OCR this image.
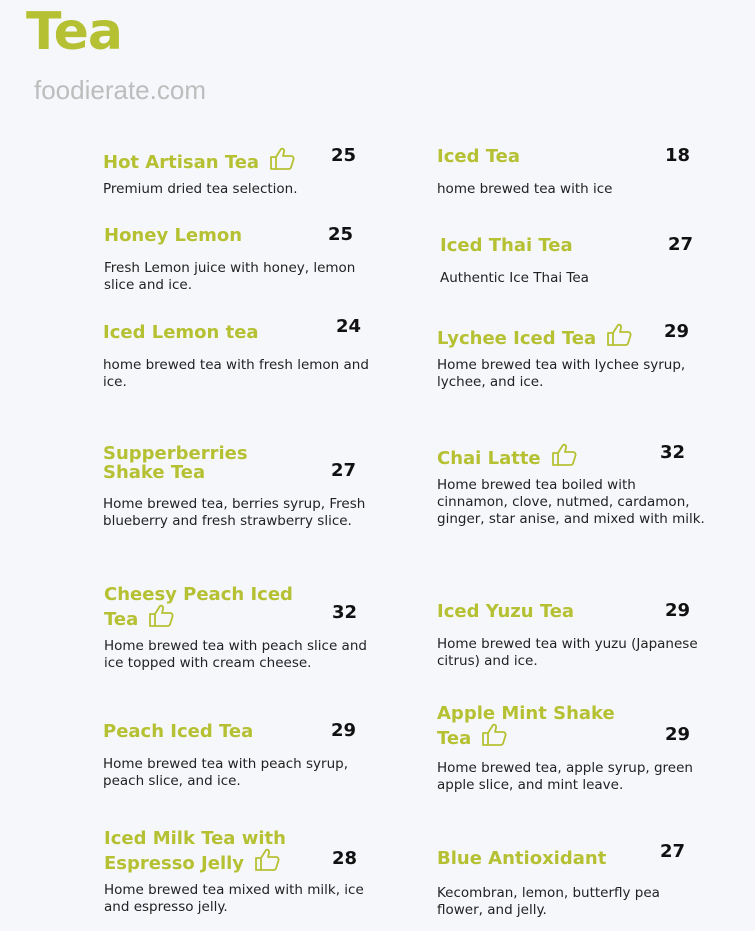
Tea
foodierate.com
Hot Artisan Tea	25
Premium dried tea selection.
Honey Lemon	25
Fresh Lemon juice with honey, lemon slice and ice.
Iced Lemon tea	24
home brewed tea with fresh lemon and ice.
Supperberries Shake Tea	27
Home brewed tea, berries syrup, Fresh blueberry and fresh strawberry slice.
Cheesy Peach Iced Tea	32
Home brewed tea with peach slice and ice topped with cream cheese.
Peach Iced Tea	29
Home brewed tea with peach syrup, peach slice, and ice.
Iced Milk Tea with Espresso Jelly	28
Home brewed tea mixed with milk, ice and espresso jelly.
Iced Tea	18
home brewed tea with ice
Iced Thai Tea	27
Authentic Ice Thai Tea
Lychee Iced Tea	29
Home brewed tea with lychee syrup, lychee, and ice.
Chai Latte	32
Home brewed tea boiled with cinnamon, clove, nutmed, cardamon, ginger, star anise, and mixed with milk.
Iced Yuzu Tea	29
Home brewed tea with yuzu (Japanese citrus) and ice.
Apple Mint Shake Tea	29
Home brewed tea, apple syrup, green apple slice, and mint leave.
Blue Antioxidant	27
Kecombran, lemon, butterfly pea flower, and jelly.
